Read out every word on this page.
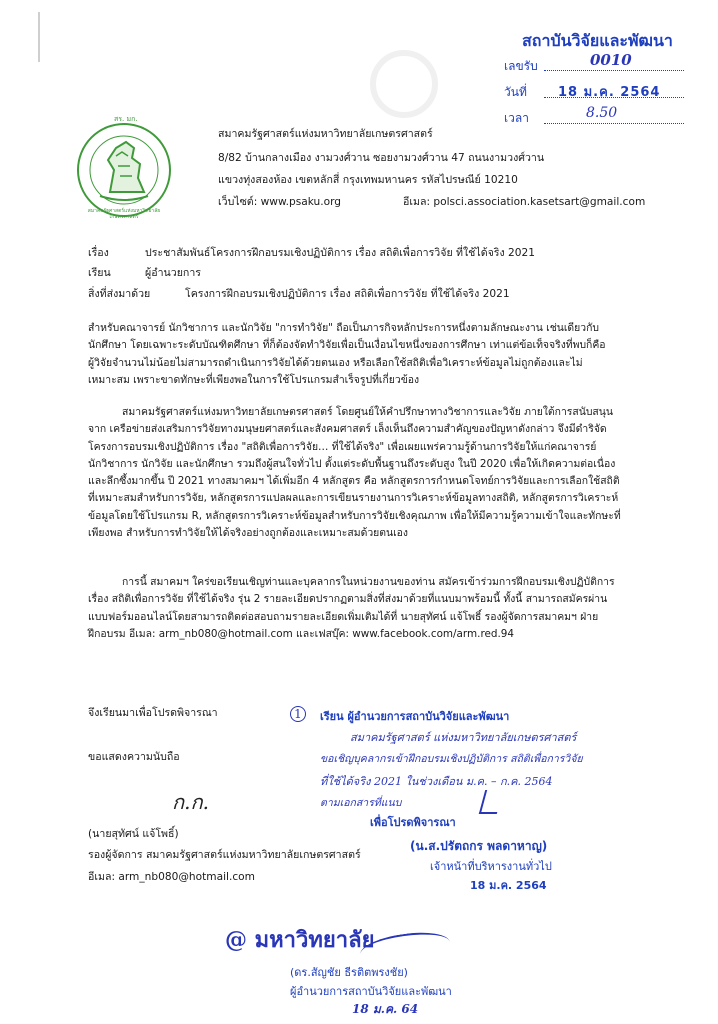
สถาบันวิจัยและพัฒนา
เลขรับ	0010
วันที่ 18 ม.ค. 2564
เวลา	8.50
สร. มก.
สมาคมรัฐศาสตร์แห่งมหาวิทยาลัยเกษตรศาสตร์
สมาคมรัฐศาสตร์แห่งมหาวิทยาลัยเกษตรศาสตร์
8/82 บ้านกลางเมือง งามวงศ์วาน ซอยงามวงศ์วาน 47 ถนนงามวงศ์วาน
แขวงทุ่งสองห้อง เขตหลักสี่ กรุงเทพมหานคร รหัสไปรษณีย์ 10210
เว็บไซต์: www.psaku.org	อีเมล: polsci.association.kasetsart@gmail.com
เรื่อง	ประชาสัมพันธ์โครงการฝึกอบรมเชิงปฏิบัติการ เรื่อง สถิติเพื่อการวิจัย ที่ใช้ได้จริง 2021
เรียน	ผู้อำนวยการ
สิ่งที่ส่งมาด้วย	โครงการฝึกอบรมเชิงปฏิบัติการ เรื่อง สถิติเพื่อการวิจัย ที่ใช้ได้จริง 2021
สำหรับคณาจารย์ นักวิชาการ และนักวิจัย "การทำวิจัย" ถือเป็นภารกิจหลักประการหนึ่งตามลักษณะงาน เช่นเดียวกับ
นักศึกษา โดยเฉพาะระดับบัณฑิตศึกษา ที่ก็ต้องจัดทำวิจัยเพื่อเป็นเงื่อนไขหนึ่งของการศึกษา เท่าแต่ข้อเท็จจริงที่พบก็คือ
ผู้วิจัยจำนวนไม่น้อยไม่สามารถดำเนินการวิจัยได้ด้วยตนเอง หรือเลือกใช้สถิติเพื่อวิเคราะห์ข้อมูลไม่ถูกต้องและไม่
เหมาะสม เพราะขาดทักษะที่เพียงพอในการใช้โปรแกรมสำเร็จรูปที่เกี่ยวข้อง
สมาคมรัฐศาสตร์แห่งมหาวิทยาลัยเกษตรศาสตร์ โดยศูนย์ให้คำปรึกษาทางวิชาการและวิจัย ภายใต้การสนับสนุน
จาก เครือข่ายส่งเสริมการวิจัยทางมนุษยศาสตร์และสังคมศาสตร์ เล็งเห็นถึงความสำคัญของปัญหาดังกล่าว จึงมีดำริจัด
โครงการอบรมเชิงปฏิบัติการ เรื่อง "สถิติเพื่อการวิจัย… ที่ใช้ได้จริง" เพื่อเผยแพร่ความรู้ด้านการวิจัยให้แก่คณาจารย์
นักวิชาการ นักวิจัย และนักศึกษา รวมถึงผู้สนใจทั่วไป ตั้งแต่ระดับพื้นฐานถึงระดับสูง ในปี 2020 เพื่อให้เกิดความต่อเนื่อง
และลึกซึ้งมากขึ้น ปี 2021 ทางสมาคมฯ ได้เพิ่มอีก 4 หลักสูตร คือ หลักสูตรการกำหนดโจทย์การวิจัยและการเลือกใช้สถิติ
ที่เหมาะสมสำหรับการวิจัย, หลักสูตรการแปลผลและการเขียนรายงานการวิเคราะห์ข้อมูลทางสถิติ, หลักสูตรการวิเคราะห์
ข้อมูลโดยใช้โปรแกรม R, หลักสูตรการวิเคราะห์ข้อมูลสำหรับการวิจัยเชิงคุณภาพ เพื่อให้มีความรู้ความเข้าใจและทักษะที่
เพียงพอ สำหรับการทำวิจัยให้ได้จริงอย่างถูกต้องและเหมาะสมด้วยตนเอง
การนี้ สมาคมฯ ใคร่ขอเรียนเชิญท่านและบุคลากรในหน่วยงานของท่าน สมัครเข้าร่วมการฝึกอบรมเชิงปฏิบัติการ
เรื่อง สถิติเพื่อการวิจัย ที่ใช้ได้จริง รุ่น 2 รายละเอียดปรากฏตามสิ่งที่ส่งมาด้วยที่แนบมาพร้อมนี้ ทั้งนี้ สามารถสมัครผ่าน
แบบฟอร์มออนไลน์โดยสามารถติดต่อสอบถามรายละเอียดเพิ่มเติมได้ที่ นายสุทัศน์ แจ้โพธิ์ รองผู้จัดการสมาคมฯ ฝ่าย
ฝึกอบรม อีเมล: arm_nb080@hotmail.com และเฟสบุ๊ค: www.facebook.com/arm.red.94
จึงเรียนมาเพื่อโปรดพิจารณา
ขอแสดงความนับถือ
ก.ก.
(นายสุทัศน์ แจ้โพธิ์)
รองผู้จัดการ สมาคมรัฐศาสตร์แห่งมหาวิทยาลัยเกษตรศาสตร์
อีเมล: arm_nb080@hotmail.com
1	เรียน ผู้อำนวยการสถาบันวิจัยและพัฒนา
สมาคมรัฐศาสตร์ แห่งมหาวิทยาลัยเกษตรศาสตร์
ขอเชิญบุคลากรเข้าฝึกอบรมเชิงปฏิบัติการ สถิติเพื่อการวิจัย
ที่ใช้ได้จริง 2021 ในช่วงเดือน ม.ค. – ก.ค. 2564
ตามเอกสารที่แนบ
เพื่อโปรดพิจารณา
(น.ส.ปรัตถกร พลดาหาญ)
เจ้าหน้าที่บริหารงานทั่วไป
18 ม.ค. 2564
@ มหาวิทยาลัย
(ดร.สัญชัย ธีรติตพรงชัย)
ผู้อำนวยการสถาบันวิจัยและพัฒนา
18 ม.ค. 64
